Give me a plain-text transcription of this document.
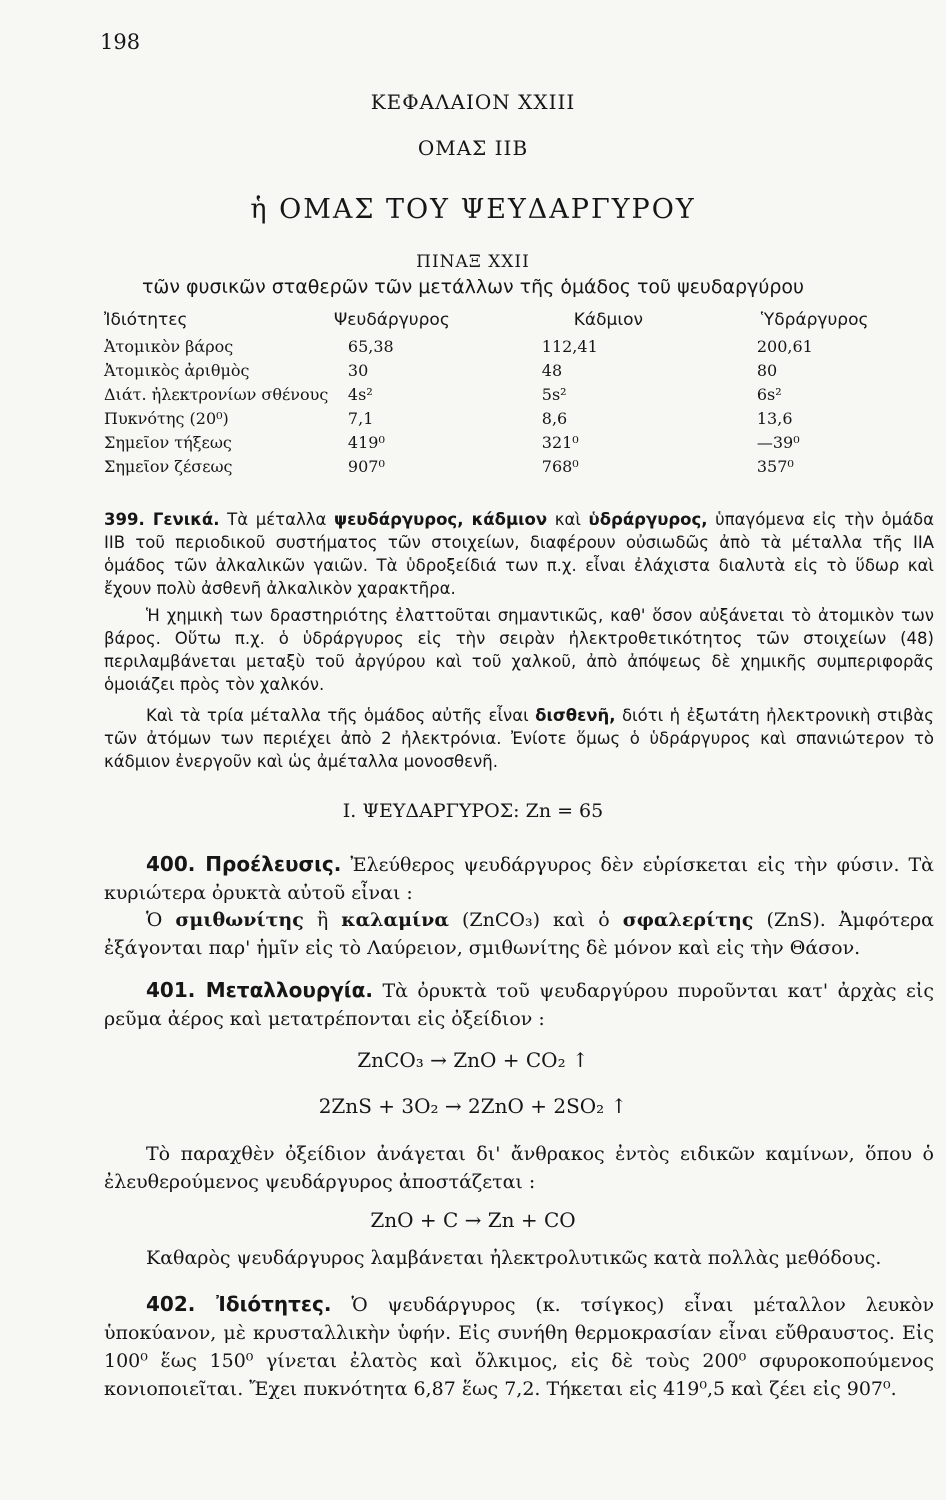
198
ΚΕΦΑΛΑΙΟΝ XXIII
ΟΜΑΣ IIB
ἡ ΟΜΑΣ ΤΟΥ ΨΕΥΔΑΡΓΥΡΟΥ
ΠΙΝΑΞ XXII
τῶν φυσικῶν σταθερῶν τῶν μετάλλων τῆς ὁμάδος τοῦ ψευδαργύρου
Ἰδιότητες	Ψευδάργυρος	Κάδμιον	Ὑδράργυρος
Ἀτομικὸν βάρος	65,38	112,41	200,61
Ἀτομικὸς ἀριθμὸς	30	48	80
Διάτ. ἠλεκτρονίων σθένους	4s²	5s²	6s²
Πυκνότης (20⁰)	7,1	8,6	13,6
Σημεῖον τήξεως	419⁰	321⁰	—39⁰
Σημεῖον ζέσεως	907⁰	768⁰	357⁰

399. Γενικά. Τὰ μέταλλα ψευδάργυρος, κάδμιον καὶ ὑδράργυρος, ὑπαγόμενα εἰς τὴν ὁμάδα IIB τοῦ περιοδικοῦ συστήματος τῶν στοιχείων, διαφέρουν οὐσιωδῶς ἀπὸ τὰ μέταλλα τῆς IIA ὁμάδος τῶν ἀλκαλικῶν γαιῶν. Τὰ ὑδροξείδιά των π.χ. εἶναι ἐλάχιστα διαλυτὰ εἰς τὸ ὕδωρ καὶ ἔχουν πολὺ ἀσθενῆ ἀλκαλικὸν χαρακτῆρα.

Ἡ χημικὴ των δραστηριότης ἐλαττοῦται σημαντικῶς, καθ' ὅσον αὐξάνεται τὸ ἀτομικὸν των βάρος. Οὕτω π.χ. ὁ ὑδράργυρος εἰς τὴν σειρὰν ἠλεκτροθετικότητος τῶν στοιχείων (48) περιλαμβάνεται μεταξὺ τοῦ ἀργύρου καὶ τοῦ χαλκοῦ, ἀπὸ ἀπόψεως δὲ χημικῆς συμπεριφορᾶς ὁμοιάζει πρὸς τὸν χαλκόν.

Καὶ τὰ τρία μέταλλα τῆς ὁμάδος αὐτῆς εἶναι δισθενῆ, διότι ἡ ἐξωτάτη ἠλεκτρονικὴ στιβὰς τῶν ἀτόμων των περιέχει ἀπὸ 2 ἠλεκτρόνια. Ἐνίοτε ὅμως ὁ ὑδράργυρος καὶ σπανιώτερον τὸ κάδμιον ἐνεργοῦν καὶ ὡς ἀμέταλλα μονοσθενῆ.

I. ΨΕΥΔΑΡΓΥΡΟΣ: Zn = 65

400. Προέλευσις. Ἐλεύθερος ψευδάργυρος δὲν εὑρίσκεται εἰς τὴν φύσιν. Τὰ κυριώτερα ὀρυκτὰ αὐτοῦ εἶναι :

Ὁ σμιθωνίτης ἢ καλαμίνα (ZnCO₃) καὶ ὁ σφαλερίτης (ZnS). Ἀμφότερα ἐξάγονται παρ' ἡμῖν εἰς τὸ Λαύρειον, σμιθωνίτης δὲ μόνον καὶ εἰς τὴν Θάσον.

401. Μεταλλουργία. Τὰ ὀρυκτὰ τοῦ ψευδαργύρου πυροῦνται κατ' ἀρχὰς εἰς ρεῦμα ἀέρος καὶ μετατρέπονται εἰς ὀξείδιον :

ZnCO₃ → ZnO + CO₂ ↑
2ZnS + 3O₂ → 2ZnO + 2SO₂ ↑

Τὸ παραχθὲν ὀξείδιον ἀνάγεται δι' ἄνθρακος ἐντὸς ειδικῶν καμίνων, ὅπου ὁ ἐλευθερούμενος ψευδάργυρος ἀποστάζεται :

ZnO + C → Zn + CO

Καθαρὸς ψευδάργυρος λαμβάνεται ἠλεκτρολυτικῶς κατὰ πολλὰς μεθόδους.

402. Ἰδιότητες. Ὁ ψευδάργυρος (κ. τσίγκος) εἶναι μέταλλον λευκὸν ὑποκύανον, μὲ κρυσταλλικὴν ὑφήν. Εἰς συνήθη θερμοκρασίαν εἶναι εὔθραυστος. Εἰς 100⁰ ἕως 150⁰ γίνεται ἐλατὸς καὶ ὄλκιμος, εἰς δὲ τοὺς 200⁰ σφυροκοπούμενος κονιοποιεῖται. Ἔχει πυκνότητα 6,87 ἕως 7,2. Τήκεται εἰς 419⁰,5 καὶ ζέει εἰς 907⁰.
